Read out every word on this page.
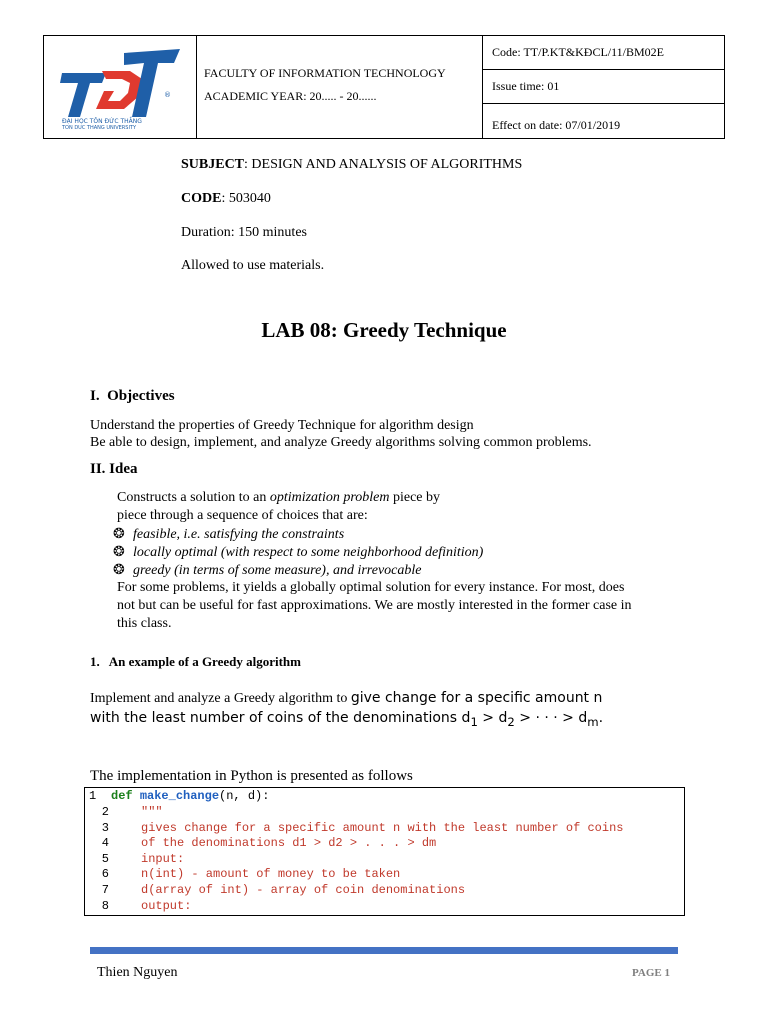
®
ĐẠI HỌC TÔN ĐỨC THẮNG
TON DUC THANG UNIVERSITY
FACULTY OF INFORMATION TECHNOLOGY
ACADEMIC YEAR: 20..... - 20......
Code: TT/P.KT&KĐCL/11/BM02E
Issue time: 01
Effect on date: 07/01/2019
SUBJECT: DESIGN AND ANALYSIS OF ALGORITHMS
CODE: 503040
Duration: 150 minutes
Allowed to use materials.
LAB 08: Greedy Technique
I.  Objectives
Understand the properties of Greedy Technique for algorithm design
Be able to design, implement, and analyze Greedy algorithms solving common problems.
II. Idea
Constructs a solution to an optimization problem piece by
piece through a sequence of choices that are:
❂ feasible, i.e. satisfying the constraints
❂ locally optimal (with respect to some neighborhood definition)
❂ greedy (in terms of some measure), and irrevocable
For some problems, it yields a globally optimal solution for every instance. For most, does
not but can be useful for fast approximations. We are mostly interested in the former case in
this class.
1.   An example of a Greedy algorithm
Implement and analyze a Greedy algorithm to give change for a specific amount n
with the least number of coins of the denominations $d_1 > d_2$ > · · · > $d_m$.
The implementation in Python is presented as follows
1	def make_change(n, d):
2	"""
3	gives change for a specific amount n with the least number of coins
4	of the denominations d1 > d2 > . . . > dm
5	input:
6	n(int) - amount of money to be taken
7	d(array of int) - array of coin denominations
8	output:
Thien Nguyen	PAGE 1
